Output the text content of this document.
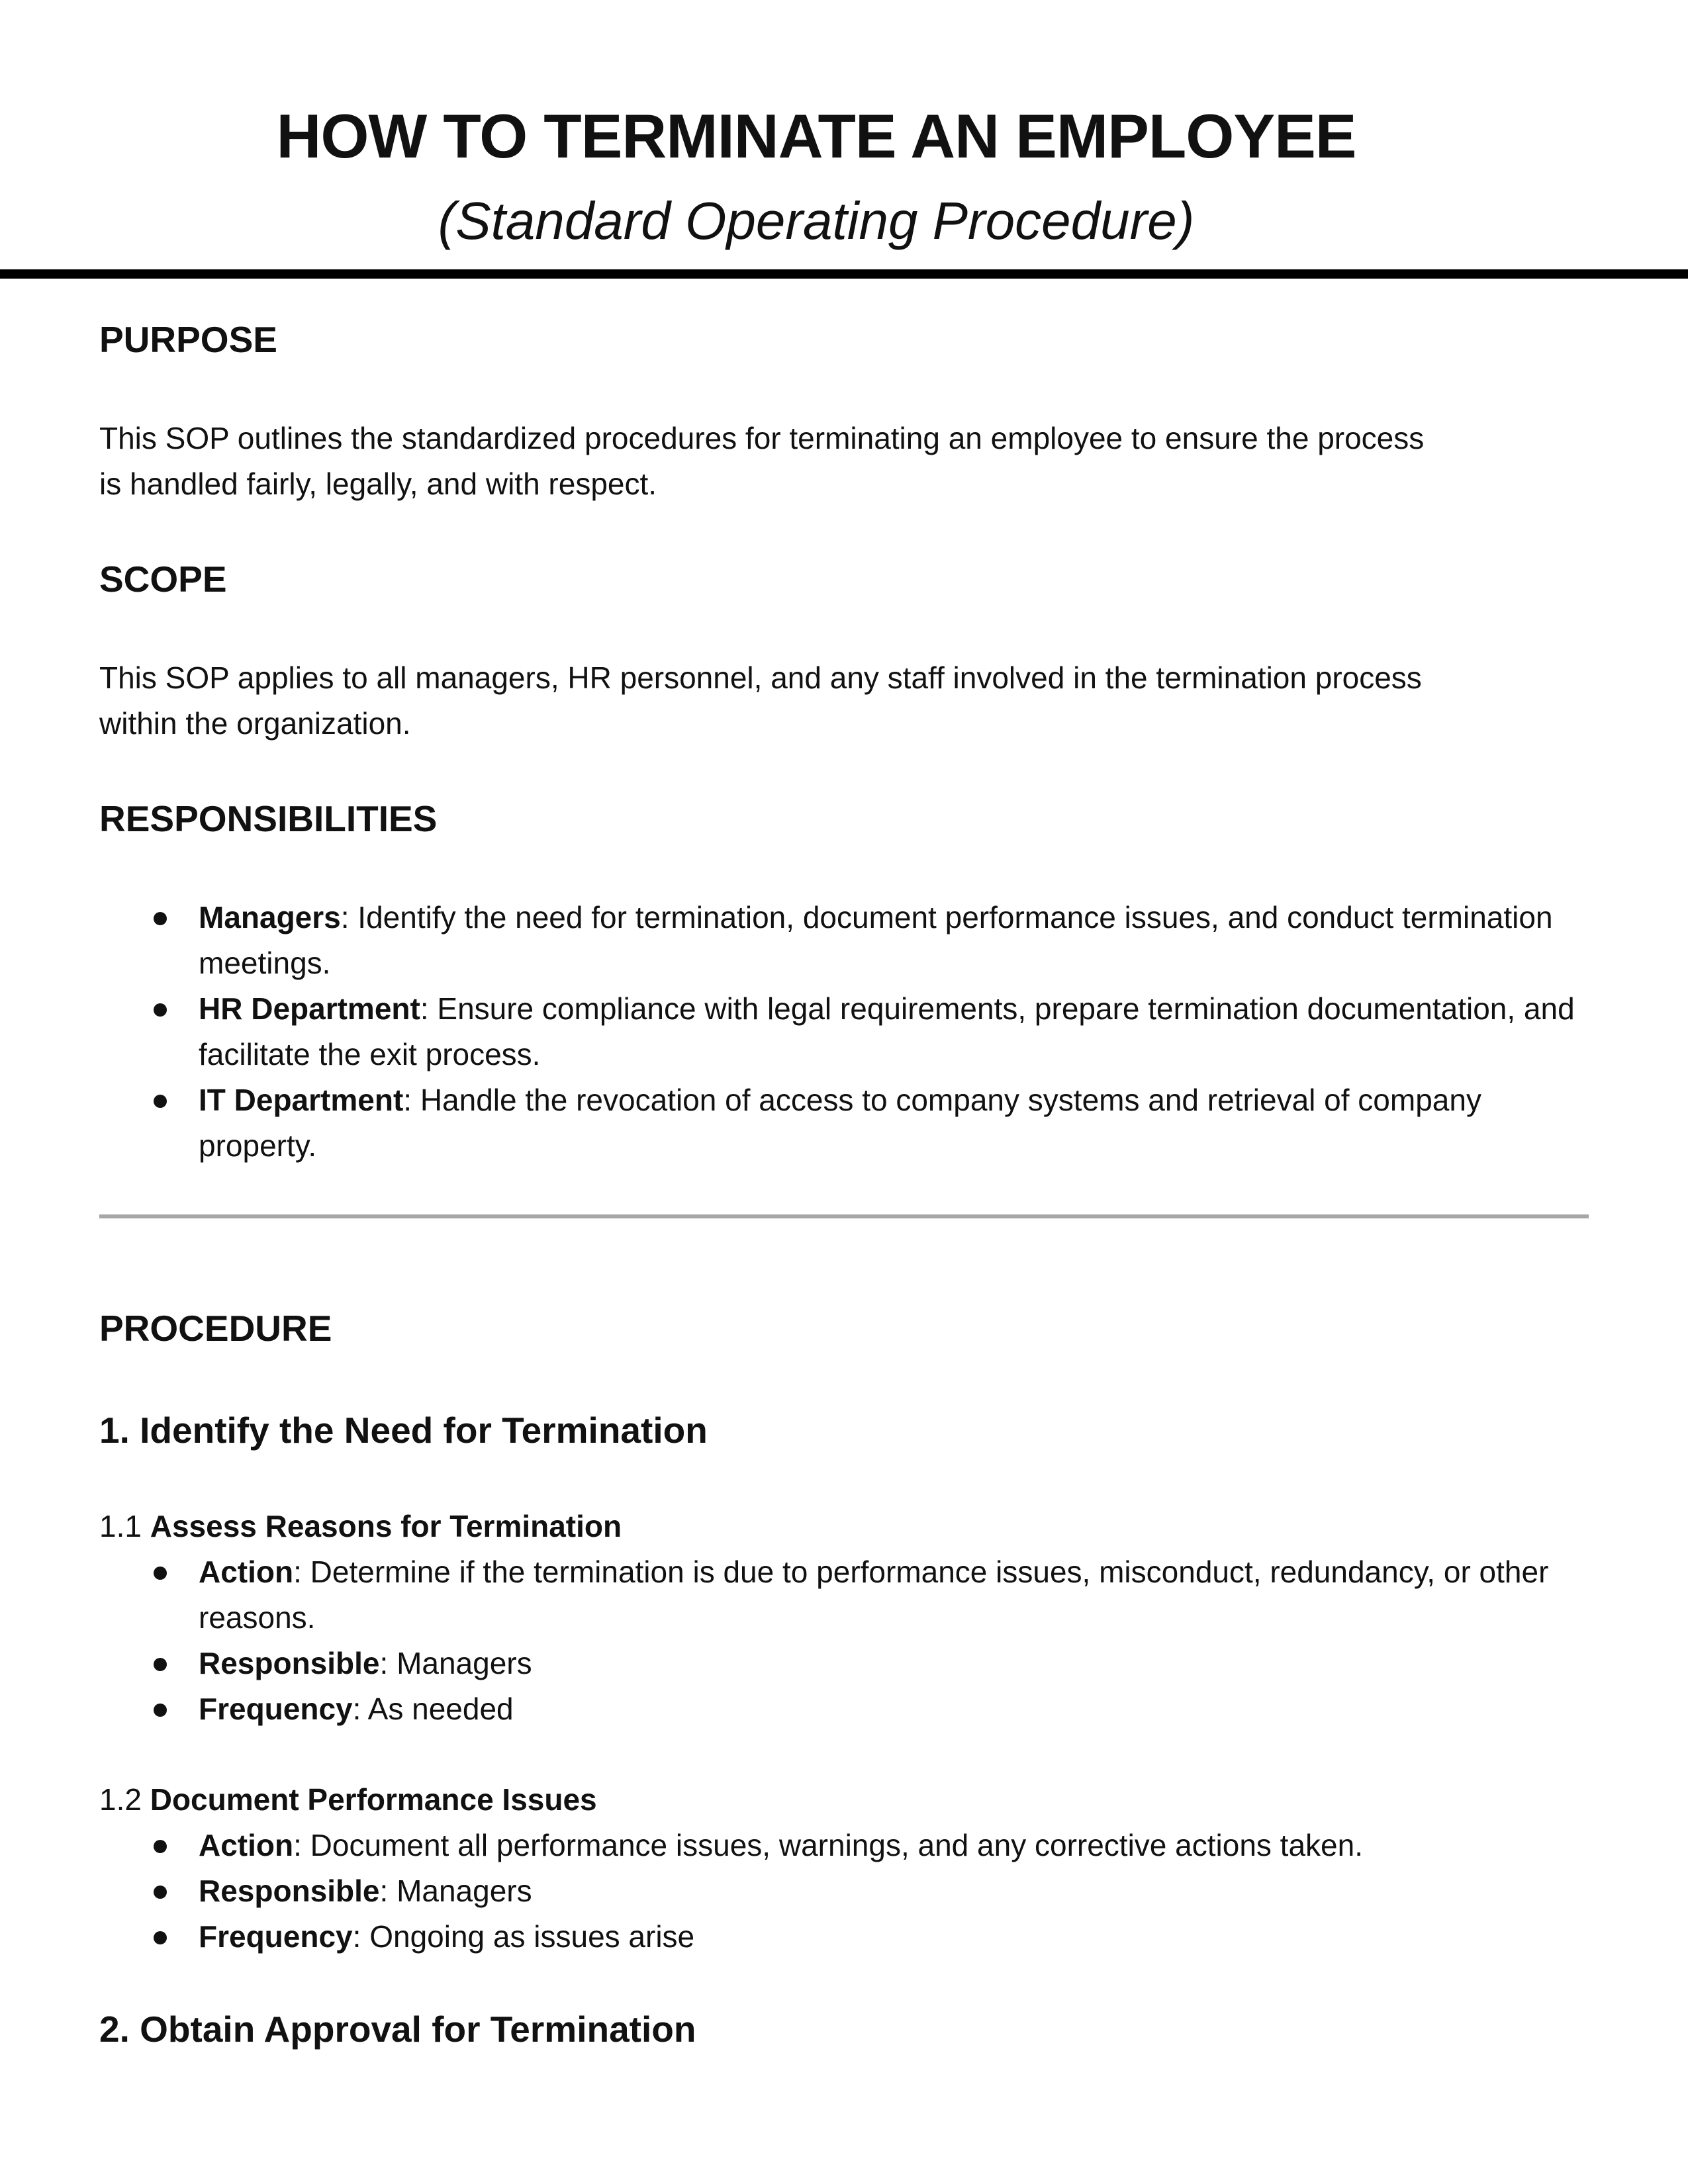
HOW TO TERMINATE AN EMPLOYEE
(Standard Operating Procedure)
PURPOSE
This SOP outlines the standardized procedures for terminating an employee to ensure the process
is handled fairly, legally, and with respect.
SCOPE
This SOP applies to all managers, HR personnel, and any staff involved in the termination process
within the organization.
RESPONSIBILITIES
Managers: Identify the need for termination, document performance issues, and conduct termination meetings.
HR Department: Ensure compliance with legal requirements, prepare termination documentation, and facilitate the exit process.
IT Department: Handle the revocation of access to company systems and retrieval of company property.
PROCEDURE
1. Identify the Need for Termination
1.1 Assess Reasons for Termination
Action: Determine if the termination is due to performance issues, misconduct, redundancy, or other reasons.
Responsible: Managers
Frequency: As needed
1.2 Document Performance Issues
Action: Document all performance issues, warnings, and any corrective actions taken.
Responsible: Managers
Frequency: Ongoing as issues arise
2. Obtain Approval for Termination
